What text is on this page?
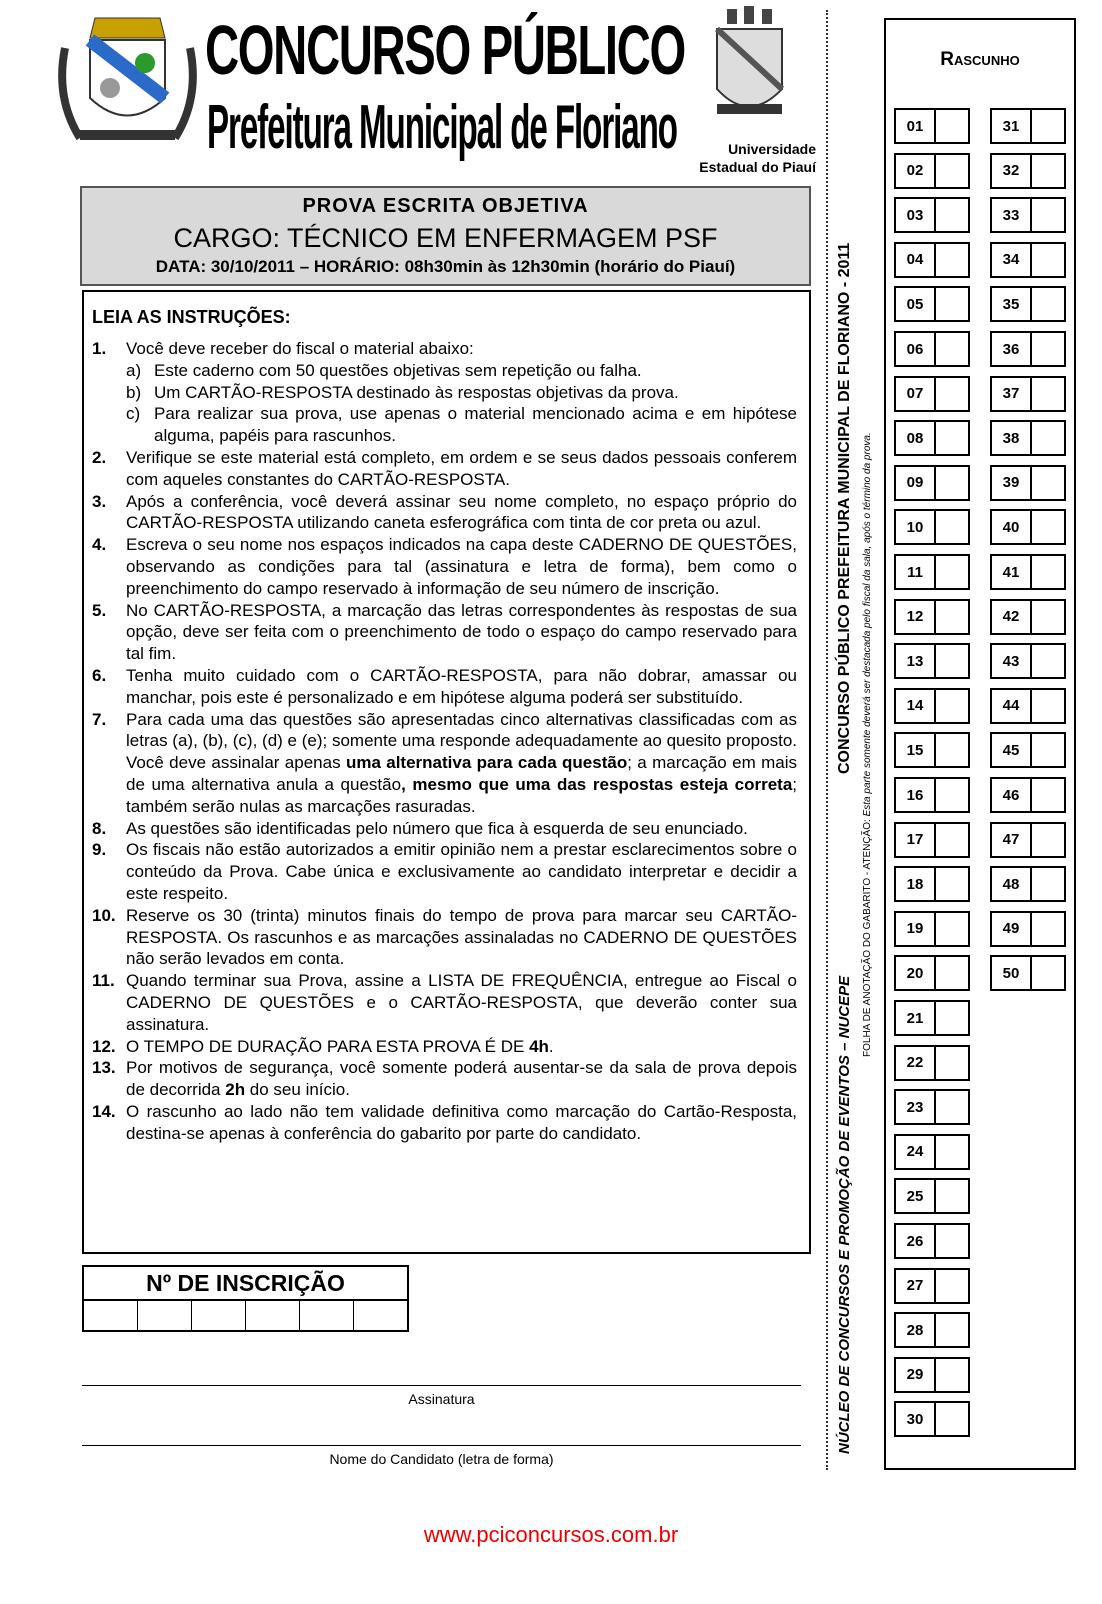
CONCURSO PÚBLICO
Prefeitura Municipal de Floriano	Universidade
Estadual do Piauí
PROVA ESCRITA OBJETIVA
CARGO: TÉCNICO EM ENFERMAGEM PSF
DATA: 30/10/2011 – HORÁRIO: 08h30min às 12h30min (horário do Piauí)
LEIA AS INSTRUÇÕES:
1.	Você deve receber do fiscal o material abaixo:
a) Este caderno com 50 questões objetivas sem repetição ou falha.
b) Um CARTÃO-RESPOSTA destinado às respostas objetivas da prova.
c) Para realizar sua prova, use apenas o material mencionado acima e em hipótese alguma, papéis para rascunhos.
2.	Verifique se este material está completo, em ordem e se seus dados pessoais conferem com aqueles constantes do CARTÃO-RESPOSTA.
3.	Após a conferência, você deverá assinar seu nome completo, no espaço próprio do CARTÃO-RESPOSTA utilizando caneta esferográfica com tinta de cor preta ou azul.
4.	Escreva o seu nome nos espaços indicados na capa deste CADERNO DE QUESTÕES, observando as condições para tal (assinatura e letra de forma), bem como o preenchimento do campo reservado à informação de seu número de inscrição.
5.	No CARTÃO-RESPOSTA, a marcação das letras correspondentes às respostas de sua opção, deve ser feita com o preenchimento de todo o espaço do campo reservado para tal fim.
6.	Tenha muito cuidado com o CARTÃO-RESPOSTA, para não dobrar, amassar ou manchar, pois este é personalizado e em hipótese alguma poderá ser substituído.
7.	Para cada uma das questões são apresentadas cinco alternativas classificadas com as letras (a), (b), (c), (d) e (e); somente uma responde adequadamente ao quesito proposto. Você deve assinalar apenas uma alternativa para cada questão; a marcação em mais de uma alternativa anula a questão, mesmo que uma das respostas esteja correta; também serão nulas as marcações rasuradas.
8.	As questões são identificadas pelo número que fica à esquerda de seu enunciado.
9.	Os fiscais não estão autorizados a emitir opinião nem a prestar esclarecimentos sobre o conteúdo da Prova. Cabe única e exclusivamente ao candidato interpretar e decidir a este respeito.
10. Reserve os 30 (trinta) minutos finais do tempo de prova para marcar seu CARTÃO-RESPOSTA. Os rascunhos e as marcações assinaladas no CADERNO DE QUESTÕES não serão levados em conta.
11. Quando terminar sua Prova, assine a LISTA DE FREQUÊNCIA, entregue ao Fiscal o CADERNO DE QUESTÕES e o CARTÃO-RESPOSTA, que deverão conter sua assinatura.
12. O TEMPO DE DURAÇÃO PARA ESTA PROVA É DE 4h.
13. Por motivos de segurança, você somente poderá ausentar-se da sala de prova depois de decorrida 2h do seu início.
14. O rascunho ao lado não tem validade definitiva como marcação do Cartão-Resposta, destina-se apenas à conferência do gabarito por parte do candidato.
Nº DE INSCRIÇÃO
Assinatura
Nome do Candidato (letra de forma)
CONCURSO PÚBLICO PREFEITURA MUNICIPAL DE FLORIANO - 2011
NÚCLEO DE CONCURSOS E PROMOÇÃO DE EVENTOS – NUCEPE
FOLHA DE ANOTAÇÃO DO GABARITO - ATENÇÃO: Esta parte somente deverá ser destacada pelo fiscal da sala, após o término da prova.
Rascunho
01
02
03
04
05
06
07
08
09
10
11
12
13
14
15
16
17
18
19
20
21
22
23
24
25
26
27
28
29
30
31
32
33
34
35
36
37
38
39
40
41
42
43
44
45
46
47
48
49
50
www.pciconcursos.com.br
